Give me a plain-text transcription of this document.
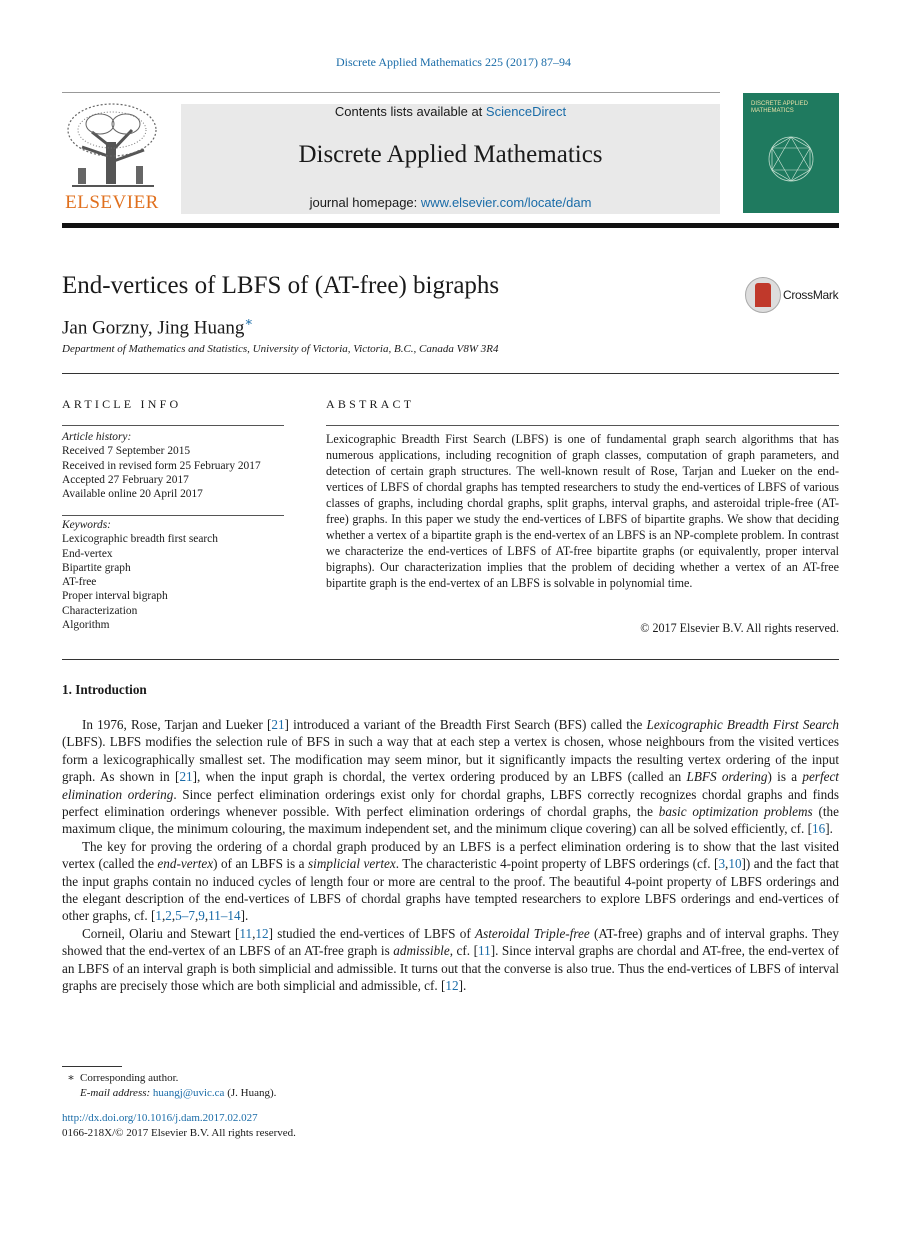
Discrete Applied Mathematics 225 (2017) 87–94
ELSEVIER
Contents lists available at ScienceDirect
Discrete Applied Mathematics
journal homepage: www.elsevier.com/locate/dam
DISCRETE APPLIED MATHEMATICS
End-vertices of LBFS of (AT-free) bigraphs	CrossMark
Jan Gorzny, Jing Huang∗
Department of Mathematics and Statistics, University of Victoria, Victoria, B.C., Canada V8W 3R4
ARTICLE INFO	ABSTRACT
Article history:
Received 7 September 2015
Received in revised form 25 February 2017
Accepted 27 February 2017
Available online 20 April 2017
Keywords:
Lexicographic breadth first search
End-vertex
Bipartite graph
AT-free
Proper interval bigraph
Characterization
Algorithm
Lexicographic Breadth First Search (LBFS) is one of fundamental graph search algorithms that has numerous applications, including recognition of graph classes, computation of graph parameters, and detection of certain graph structures. The well-known result of Rose, Tarjan and Lueker on the end-vertices of LBFS of chordal graphs has tempted researchers to study the end-vertices of LBFS of various classes of graphs, including chordal graphs, split graphs, interval graphs, and asteroidal triple-free (AT-free) graphs. In this paper we study the end-vertices of LBFS of bipartite graphs. We show that deciding whether a vertex of a bipartite graph is the end-vertex of an LBFS is an NP-complete problem. In contrast we characterize the end-vertices of LBFS of AT-free bipartite graphs (or equivalently, proper interval bigraphs). Our characterization implies that the problem of deciding whether a vertex of an AT-free bipartite graph is the end-vertex of an LBFS is solvable in polynomial time.
© 2017 Elsevier B.V. All rights reserved.
1. Introduction

In 1976, Rose, Tarjan and Lueker [21] introduced a variant of the Breadth First Search (BFS) called the Lexicographic Breadth First Search (LBFS). LBFS modifies the selection rule of BFS in such a way that at each step a vertex is chosen, whose neighbours from the visited vertices form a lexicographically smallest set. The modification may seem minor, but it significantly impacts the resulting vertex ordering of the input graph. As shown in [21], when the input graph is chordal, the vertex ordering produced by an LBFS (called an LBFS ordering) is a perfect elimination ordering. Since perfect elimination orderings exist only for chordal graphs, LBFS correctly recognizes chordal graphs and finds perfect elimination orderings whenever possible. With perfect elimination orderings of chordal graphs, the basic optimization problems (the maximum clique, the minimum colouring, the maximum independent set, and the minimum clique covering) can all be solved efficiently, cf. [16].

The key for proving the ordering of a chordal graph produced by an LBFS is a perfect elimination ordering is to show that the last visited vertex (called the end-vertex) of an LBFS is a simplicial vertex. The characteristic 4-point property of LBFS orderings (cf. [3,10]) and the fact that the input graphs contain no induced cycles of length four or more are central to the proof. The beautiful 4-point property of LBFS orderings and the elegant description of the end-vertices of LBFS of chordal graphs have tempted researchers to explore LBFS orderings and end-vertices of other graphs, cf. [1,2,5–7,9,11–14].

Corneil, Olariu and Stewart [11,12] studied the end-vertices of LBFS of Asteroidal Triple-free (AT-free) graphs and of interval graphs. They showed that the end-vertex of an LBFS of an AT-free graph is admissible, cf. [11]. Since interval graphs are chordal and AT-free, the end-vertex of an LBFS of an interval graph is both simplicial and admissible. It turns out that the converse is also true. Thus the end-vertices of LBFS of interval graphs are precisely those which are both simplicial and admissible, cf. [12].

∗ Corresponding author.
E-mail address: huangj@uvic.ca (J. Huang).
http://dx.doi.org/10.1016/j.dam.2017.02.027
0166-218X/© 2017 Elsevier B.V. All rights reserved.
